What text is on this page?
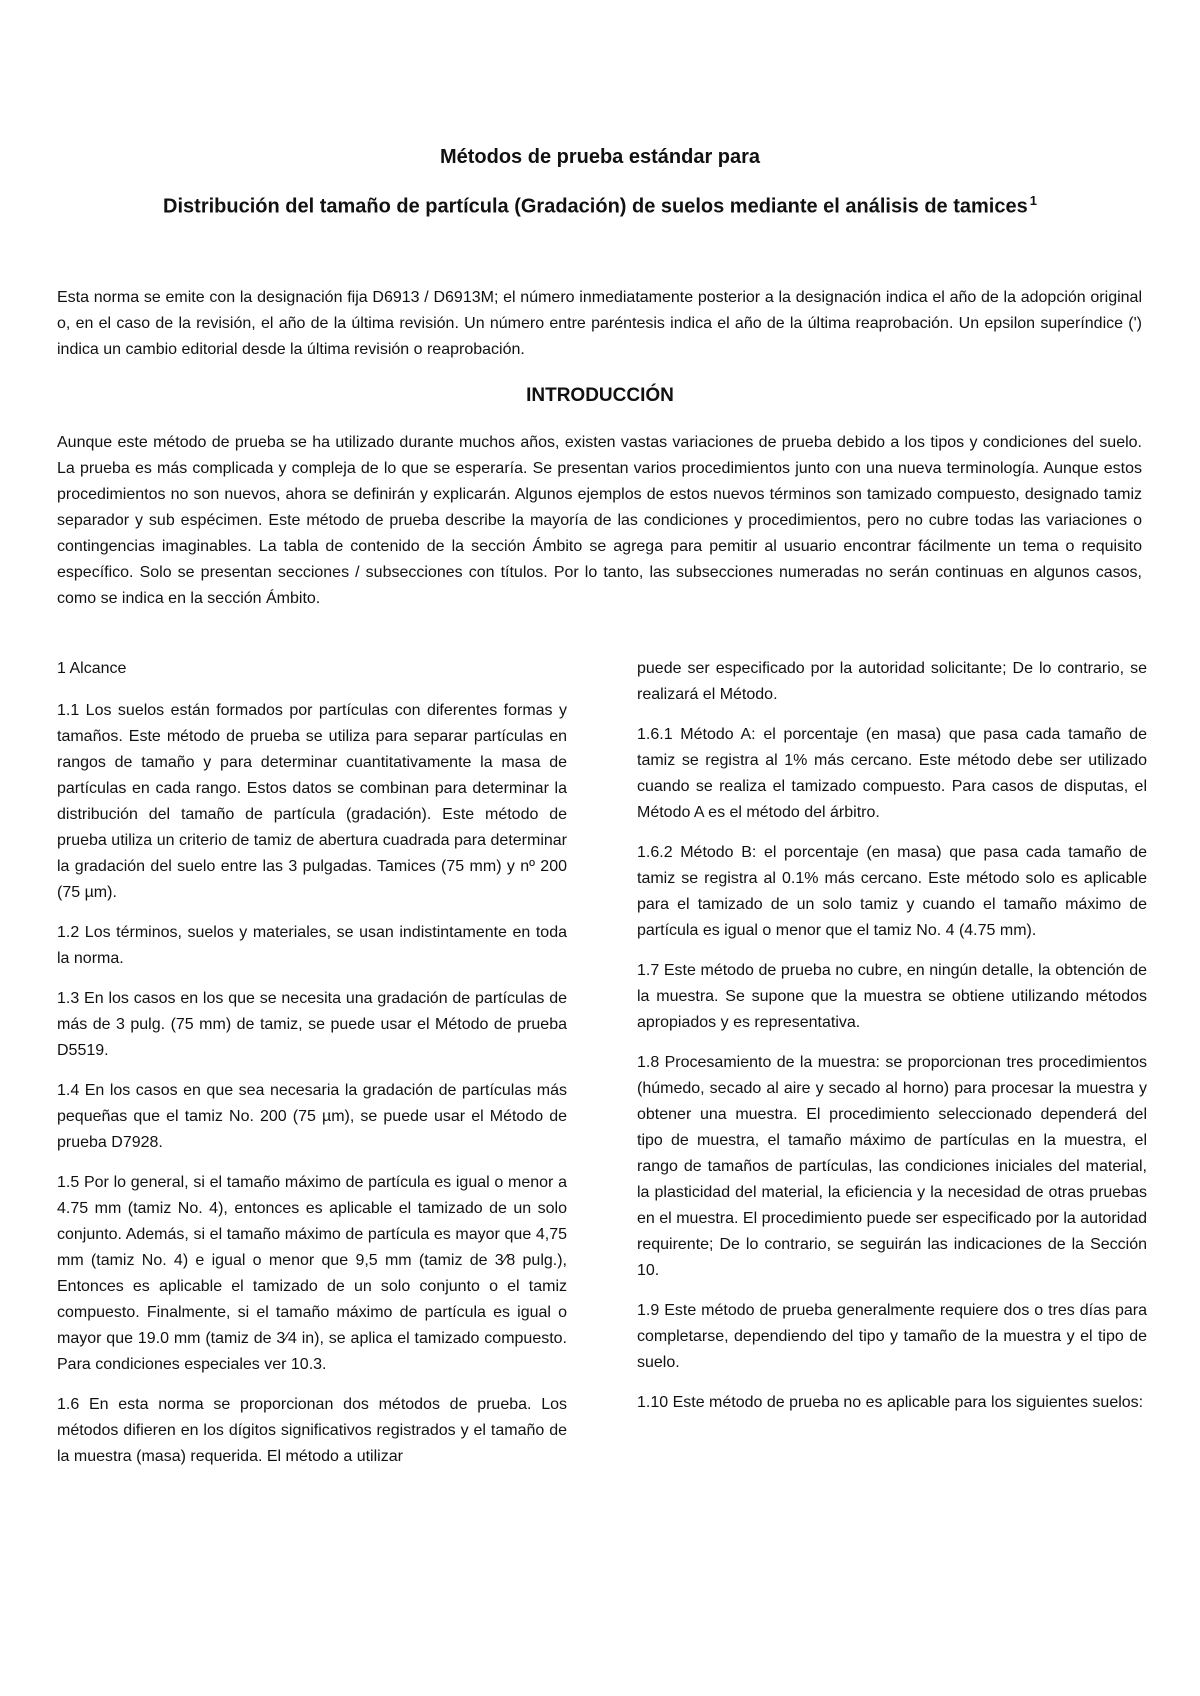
Métodos de prueba estándar para
Distribución del tamaño de partícula (Gradación) de suelos mediante el análisis de tamices $^1$
Esta norma se emite con la designación fija D6913 / D6913M; el número inmediatamente posterior a la designación indica el año de la adopción original o, en el caso de la revisión, el año de la última revisión. Un número entre paréntesis indica el año de la última reaprobación. Un epsilon superíndice (') indica un cambio editorial desde la última revisión o reaprobación.
INTRODUCCIÓN
Aunque este método de prueba se ha utilizado durante muchos años, existen vastas variaciones de prueba debido a los tipos y condiciones del suelo. La prueba es más complicada y compleja de lo que se esperaría. Se presentan varios procedimientos junto con una nueva terminología. Aunque estos procedimientos no son nuevos, ahora se definirán y explicarán. Algunos ejemplos de estos nuevos términos son tamizado compuesto, designado tamiz separador y sub espécimen. Este método de prueba describe la mayoría de las condiciones y procedimientos, pero no cubre todas las variaciones o contingencias imaginables. La tabla de contenido de la sección Ámbito se agrega para pemitir al usuario encontrar fácilmente un tema o requisito específico. Solo se presentan secciones / subsecciones con títulos. Por lo tanto, las subsecciones numeradas no serán continuas en algunos casos, como se indica en la sección Ámbito.

1 Alcance

1.1 Los suelos están formados por partículas con diferentes formas y tamaños. Este método de prueba se utiliza para separar partículas en rangos de tamaño y para determinar cuantitativamente la masa de partículas en cada rango. Estos datos se combinan para determinar la distribución del tamaño de partícula (gradación). Este método de prueba utiliza un criterio de tamiz de abertura cuadrada para determinar la gradación del suelo entre las 3 pulgadas. Tamices (75 mm) y nº 200 (75 µm).

1.2 Los términos, suelos y materiales, se usan indistintamente en toda la norma.

1.3 En los casos en los que se necesita una gradación de partículas de más de 3 pulg. (75 mm) de tamiz, se puede usar el Método de prueba D5519.

1.4 En los casos en que sea necesaria la gradación de partículas más pequeñas que el tamiz No. 200 (75 µm), se puede usar el Método de prueba D7928.

1.5 Por lo general, si el tamaño máximo de partícula es igual o menor a 4.75 mm (tamiz No. 4), entonces es aplicable el tamizado de un solo conjunto. Además, si el tamaño máximo de partícula es mayor que 4,75 mm (tamiz No. 4) e igual o menor que 9,5 mm (tamiz de 3⁄8 pulg.), Entonces es aplicable el tamizado de un solo conjunto o el tamiz compuesto. Finalmente, si el tamaño máximo de partícula es igual o mayor que 19.0 mm (tamiz de 3⁄4 in), se aplica el tamizado compuesto. Para condiciones especiales ver 10.3.

1.6 En esta norma se proporcionan dos métodos de prueba. Los métodos difieren en los dígitos significativos registrados y el tamaño de la muestra (masa) requerida. El método a utilizar

puede ser especificado por la autoridad solicitante; De lo contrario, se realizará el Método.

1.6.1 Método A: el porcentaje (en masa) que pasa cada tamaño de tamiz se registra al 1% más cercano. Este método debe ser utilizado cuando se realiza el tamizado compuesto. Para casos de disputas, el Método A es el método del árbitro.

1.6.2 Método B: el porcentaje (en masa) que pasa cada tamaño de tamiz se registra al 0.1% más cercano. Este método solo es aplicable para el tamizado de un solo tamiz y cuando el tamaño máximo de partícula es igual o menor que el tamiz No. 4 (4.75 mm).

1.7 Este método de prueba no cubre, en ningún detalle, la obtención de la muestra. Se supone que la muestra se obtiene utilizando métodos apropiados y es representativa.

1.8 Procesamiento de la muestra: se proporcionan tres procedimientos (húmedo, secado al aire y secado al horno) para procesar la muestra y obtener una muestra. El procedimiento seleccionado dependerá del tipo de muestra, el tamaño máximo de partículas en la muestra, el rango de tamaños de partículas, las condiciones iniciales del material, la plasticidad del material, la eficiencia y la necesidad de otras pruebas en el muestra. El procedimiento puede ser especificado por la autoridad requirente; De lo contrario, se seguirán las indicaciones de la Sección 10.

1.9 Este método de prueba generalmente requiere dos o tres días para completarse, dependiendo del tipo y tamaño de la muestra y el tipo de suelo.

1.10 Este método de prueba no es aplicable para los siguientes suelos:
